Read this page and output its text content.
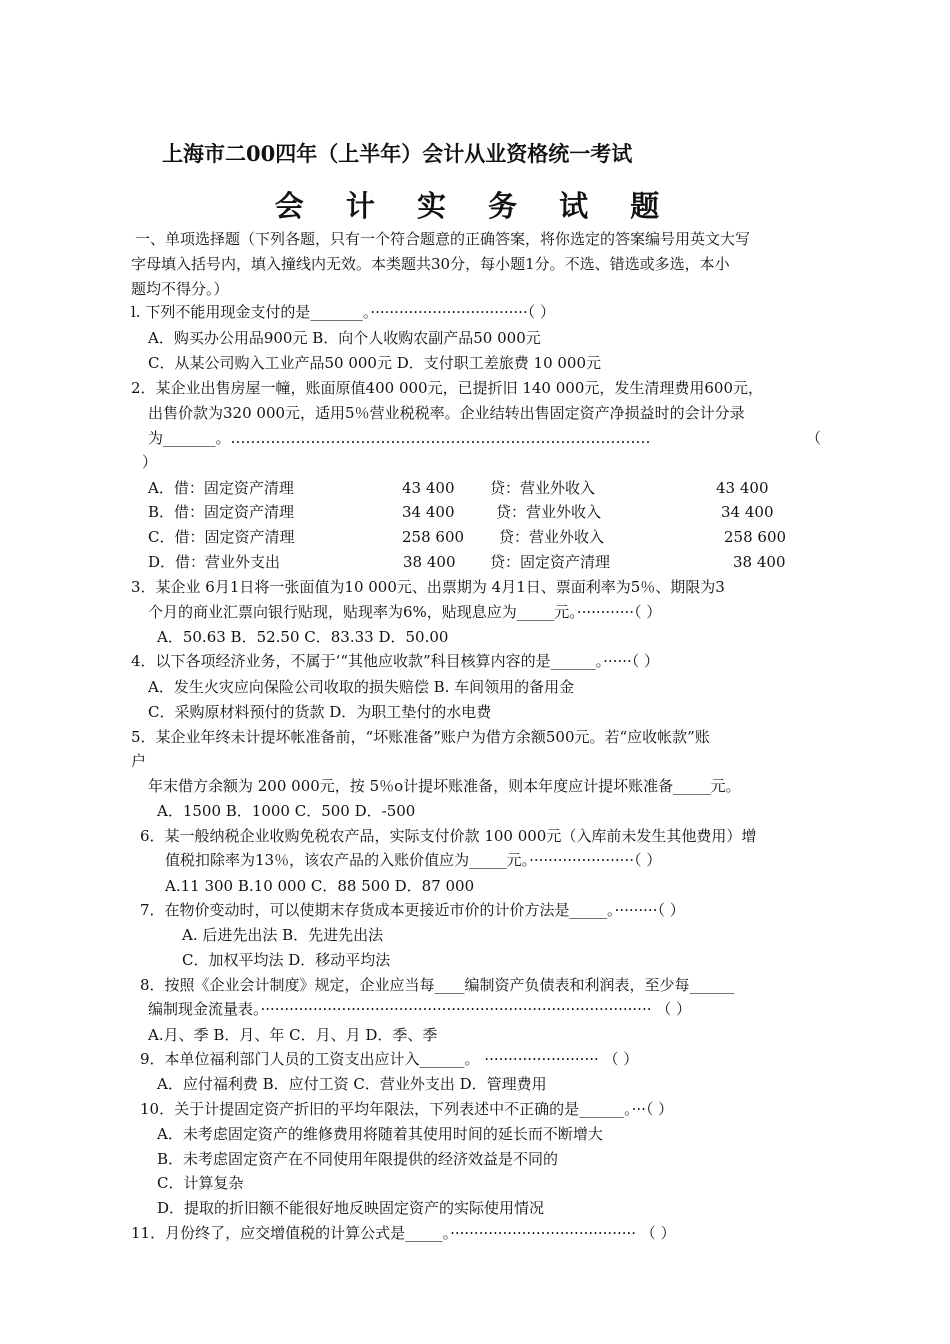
上海市二00四年（上半年）会计从业资格统一考试
会 计 实 务 试 题
一、单项选择题（下列各题，只有一个符合题意的正确答案，将你选定的答案编号用英文大写
字母填入括号内，填入撞线内无效。本类题共30分，每小题1分。不选、错选或多选，本小
题均不得分。）
l. 下列不能用现金支付的是_______。·································（ ）
A．购买办公用品900元 B．向个人收购农副产品50 000元
C．从某公司购入工业产品50 000元 D．支付职工差旅费 10 000元
2．某企业出售房屋一幢，账面原值400 000元，已提折旧 140 000元，发生清理费用600元，
出售价款为320 000元，适用5％营业税税率。企业结转出售固定资产净损益时的会计分录
为_______。…………………………………………………………………………	（
）
A．借：固定资产清理	43 400 贷：营业外收入	43 400
B．借：固定资产清理	34 400	贷：营业外收入	34 400
C．借：固定资产清理	258 600 贷：营业外收入	258 600
D．借：营业外支出	38 400 贷：固定资产清理	38 400
3．某企业 6月1日将一张面值为10 000元、出票期为 4月1日、票面利率为5％、期限为3
个月的商业汇票向银行贴现，贴现率为6%，贴现息应为_____元。············（ ）
A．50.63 B．52.50 C．83.33 D．50.00
4．以下各项经济业务，不属于‘“其他应收款”科目核算内容的是______。······（ ）
A．发生火灾应向保险公司收取的损失赔偿 B. 车间领用的备用金
C．采购原材料预付的货款 D．为职工垫付的水电费
5．某企业年终未计提坏帐准备前，“坏账准备”账户为借方余额500元。若“应收帐款”账
户
年末借方余额为 200 000元，按 5％o计提坏账准备，则本年度应计提坏账准备_____元。
A．1500 B．1000 C．500 D．-500
6．某一般纳税企业收购免税农产品，实际支付价款 100 000元（入库前未发生其他费用）增
值税扣除率为13％，该农产品的入账价值应为_____元。······················（ ）
A.11 300 B.10 000 C．88 500 D．87 000
7．在物价变动时，可以使期末存货成本更接近市价的计价方法是_____。·········（ ）
A. 后进先出法 B．先进先出法
C．加权平均法 D．移动平均法
8．按照《企业会计制度》规定，企业应当每____编制资产负债表和利润表，至少每______
编制现金流量表。·················································································· （ ）
A.月、季 B．月、年 C．月、月 D．季、季
9．本单位福利部门人员的工资支出应计入______。 ························ （ ）
A．应付福利费 B．应付工资 C．营业外支出 D．管理费用
10．关于计提固定资产折旧的平均年限法，下列表述中不正确的是______。···（ ）
A．未考虑固定资产的维修费用将随着其使用时间的延长而不断增大
B．未考虑固定资产在不同使用年限提供的经济效益是不同的
C．计算复杂
D．提取的折旧额不能很好地反映固定资产的实际使用情况
11．月份终了，应交增值税的计算公式是_____。······································· （ ）
